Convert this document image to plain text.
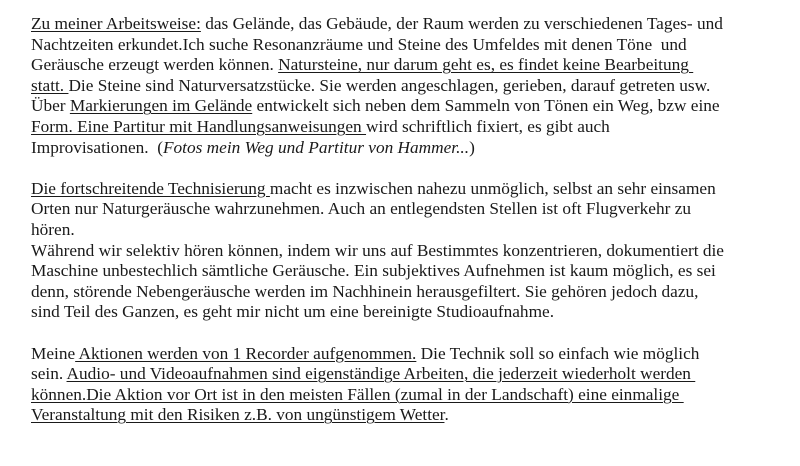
Zu meiner Arbeitsweise: das Gelände, das Gebäude, der Raum werden zu verschiedenen Tages- und
Nachtzeiten erkundet.Ich suche Resonanzräume und Steine des Umfeldes mit denen Töne  und
Geräusche erzeugt werden können. Natursteine, nur darum geht es, es findet keine Bearbeitung
statt. Die Steine sind Naturversatzstücke. Sie werden angeschlagen, gerieben, darauf getreten usw.
Über Markierungen im Gelände entwickelt sich neben dem Sammeln von Tönen ein Weg, bzw eine
Form. Eine Partitur mit Handlungsanweisungen wird schriftlich fixiert, es gibt auch
Improvisationen.  (Fotos mein Weg und Partitur von Hammer...)
Die fortschreitende Technisierung macht es inzwischen nahezu unmöglich, selbst an sehr einsamen
Orten nur Naturgeräusche wahrzunehmen. Auch an entlegendsten Stellen ist oft Flugverkehr zu
hören.
Während wir selektiv hören können, indem wir uns auf Bestimmtes konzentrieren, dokumentiert die
Maschine unbestechlich sämtliche Geräusche. Ein subjektives Aufnehmen ist kaum möglich, es sei
denn, störende Nebengeräusche werden im Nachhinein herausgefiltert. Sie gehören jedoch dazu,
sind Teil des Ganzen, es geht mir nicht um eine bereinigte Studioaufnahme.
Meine Aktionen werden von 1 Recorder aufgenommen. Die Technik soll so einfach wie möglich
sein. Audio- und Videoaufnahmen sind eigenständige Arbeiten, die jederzeit wiederholt werden
können.Die Aktion vor Ort ist in den meisten Fällen (zumal in der Landschaft) eine einmalige
Veranstaltung mit den Risiken z.B. von ungünstigem Wetter.
